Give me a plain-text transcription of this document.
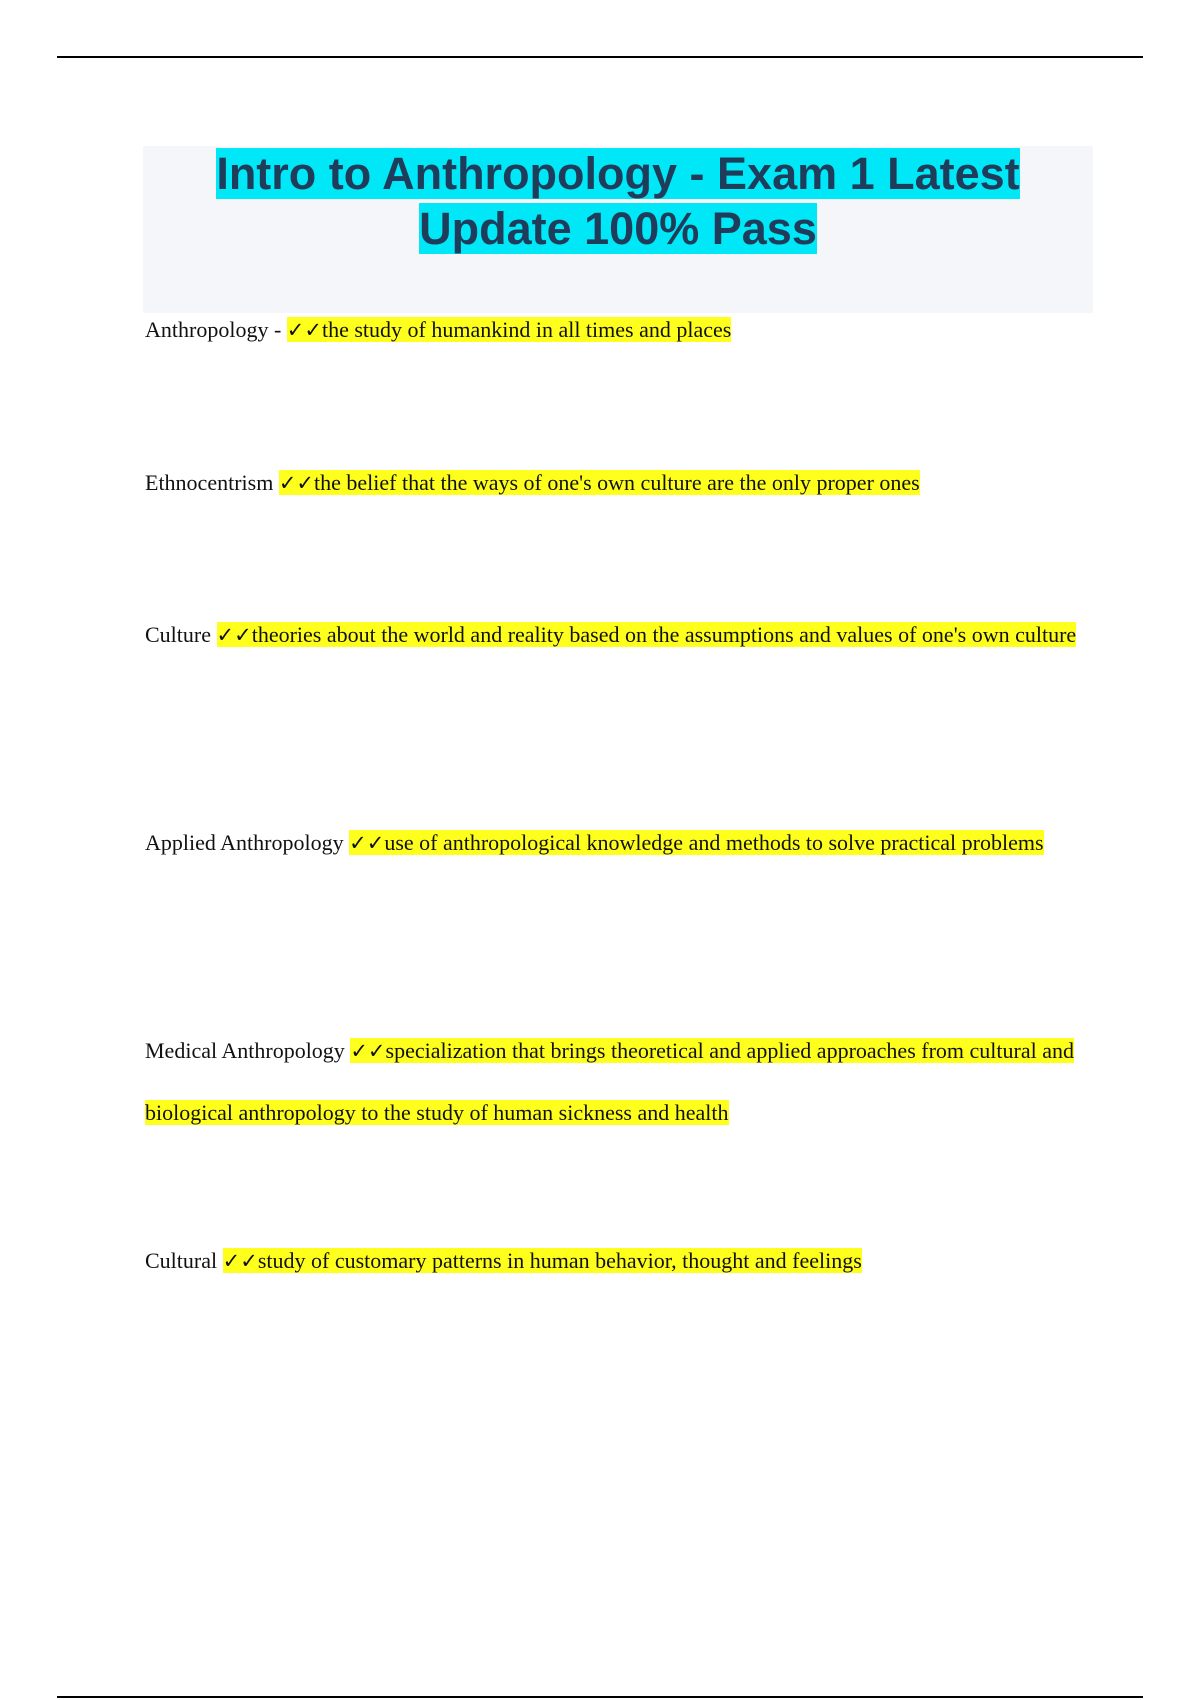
Intro to Anthropology - Exam 1 Latest Update 100% Pass

Anthropology - ✓✓the study of humankind in all times and places

Ethnocentrism ✓✓the belief that the ways of one's own culture are the only proper ones

Culture ✓✓theories about the world and reality based on the assumptions and values of one's own culture

Applied Anthropology ✓✓use of anthropological knowledge and methods to solve practical problems

Medical Anthropology ✓✓specialization that brings theoretical and applied approaches from cultural and biological anthropology to the study of human sickness and health

Cultural ✓✓study of customary patterns in human behavior, thought and feelings
